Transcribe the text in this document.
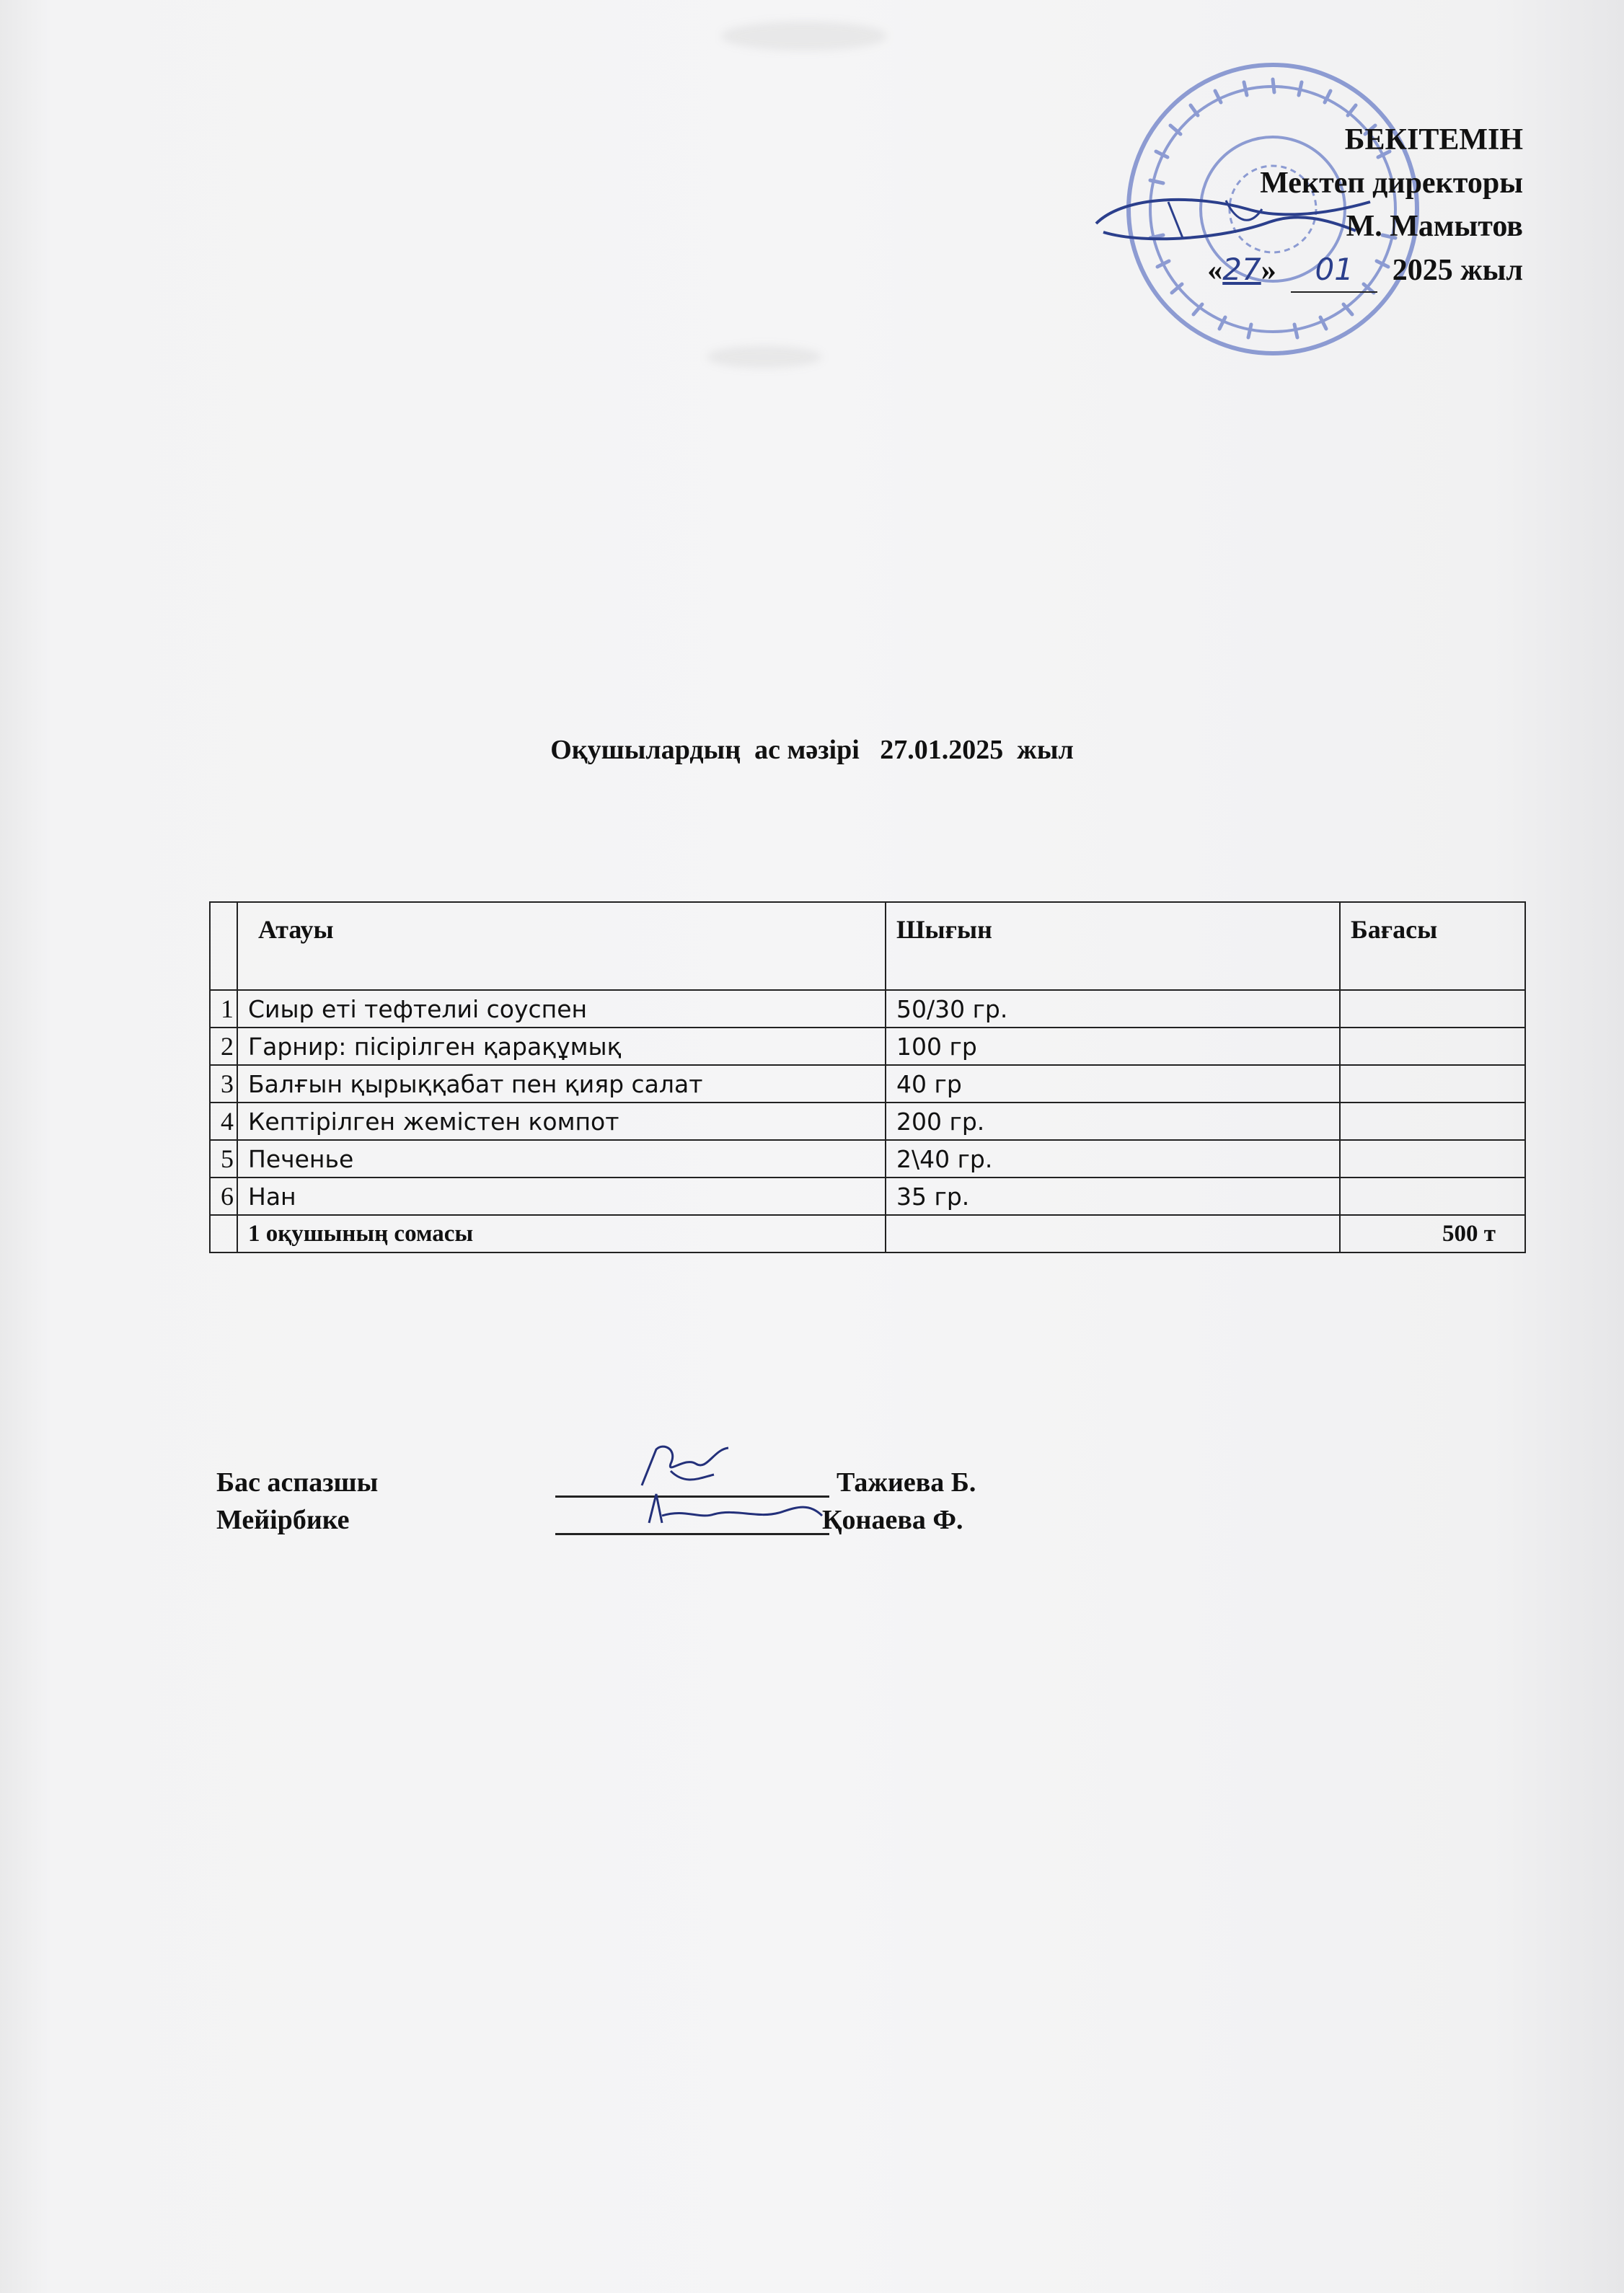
БЕКІТЕМІН
Мектеп директоры
М. Мамытов
«27» 01 2025 жыл
Оқушылардың  ас мәзірі   27.01.2025  жыл
	Атауы	Шығын	Бағасы
1	Сиыр еті тефтелиі соуспен	50/30 гр.	
2	Гарнир: пісірілген қарақұмық	100 гр	
3	Балғын қырыққабат пен қияр салат	40 гр	
4	Кептірілген жемістен компот	200 гр.	
5	Печенье	2\40 гр.	
6	Нан	35 гр.	
	1 оқушының сомасы		500 т
Бас аспазшы	Тажиева Б.
Мейірбике	Қонаева Ф.
